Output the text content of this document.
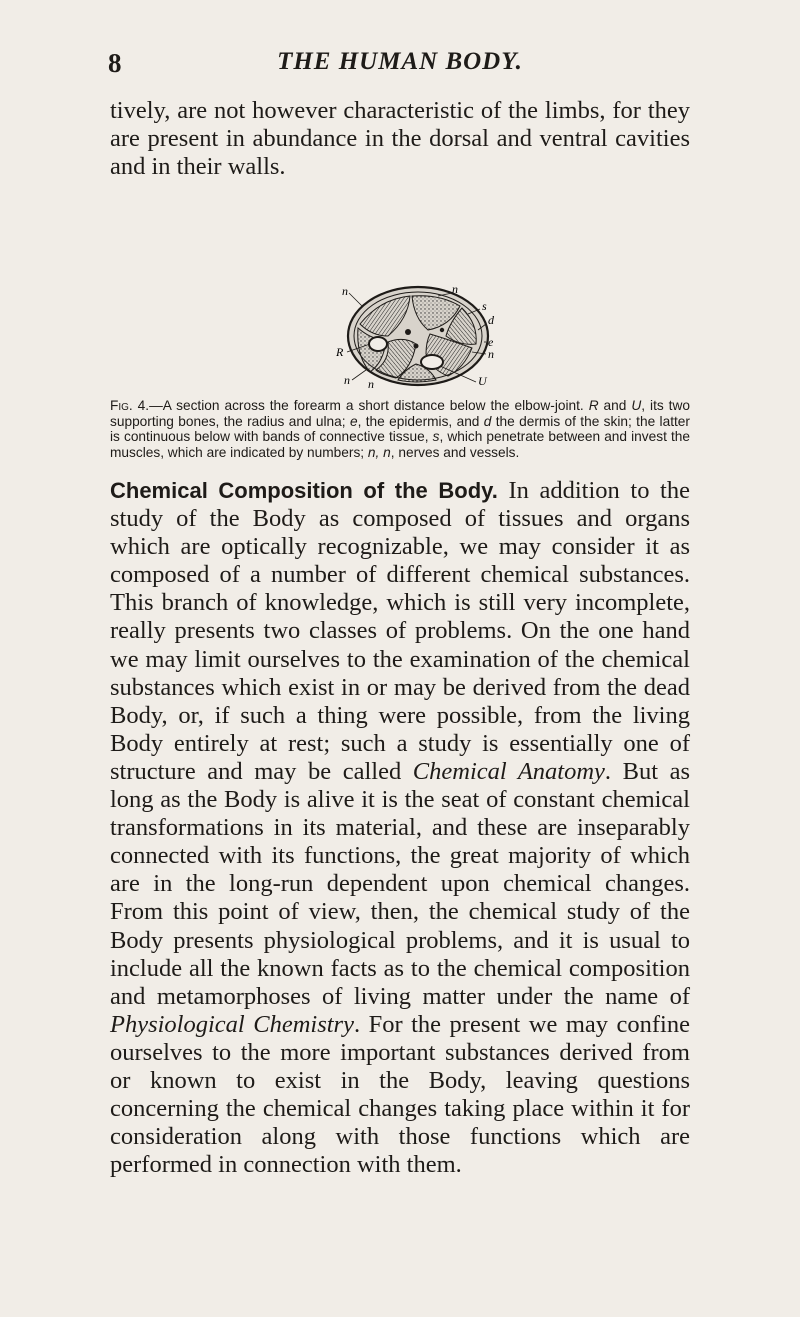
8	THE HUMAN BODY.

tively, are not however characteristic of the limbs, for they are present in abundance in the dorsal and ventral cavities and in their walls.

n	n
s
d
e
n
R
n n	U

Fig. 4.—A section across the forearm a short distance below the elbow-joint. R and U, its two supporting bones, the radius and ulna; e, the epidermis, and d the dermis of the skin; the latter is continuous below with bands of connective tissue, s, which penetrate between and invest the muscles, which are indicated by numbers; n, n, nerves and vessels.

Chemical Composition of the Body. In addition to the study of the Body as composed of tissues and organs which are optically recognizable, we may consider it as composed of a number of different chemical substances. This branch of knowledge, which is still very incomplete, really presents two classes of problems. On the one hand we may limit ourselves to the examination of the chemical substances which exist in or may be derived from the dead Body, or, if such a thing were possible, from the living Body entirely at rest; such a study is essentially one of structure and may be called Chemical Anatomy. But as long as the Body is alive it is the seat of constant chemical transformations in its material, and these are inseparably connected with its functions, the great majority of which are in the long-run dependent upon chemical changes. From this point of view, then, the chemical study of the Body presents physiological problems, and it is usual to include all the known facts as to the chemical composition and metamorphoses of living matter under the name of Physiological Chemistry. For the present we may confine ourselves to the more important substances derived from or known to exist in the Body, leaving questions concerning the chemical changes taking place within it for consideration along with those functions which are performed in connection with them.
